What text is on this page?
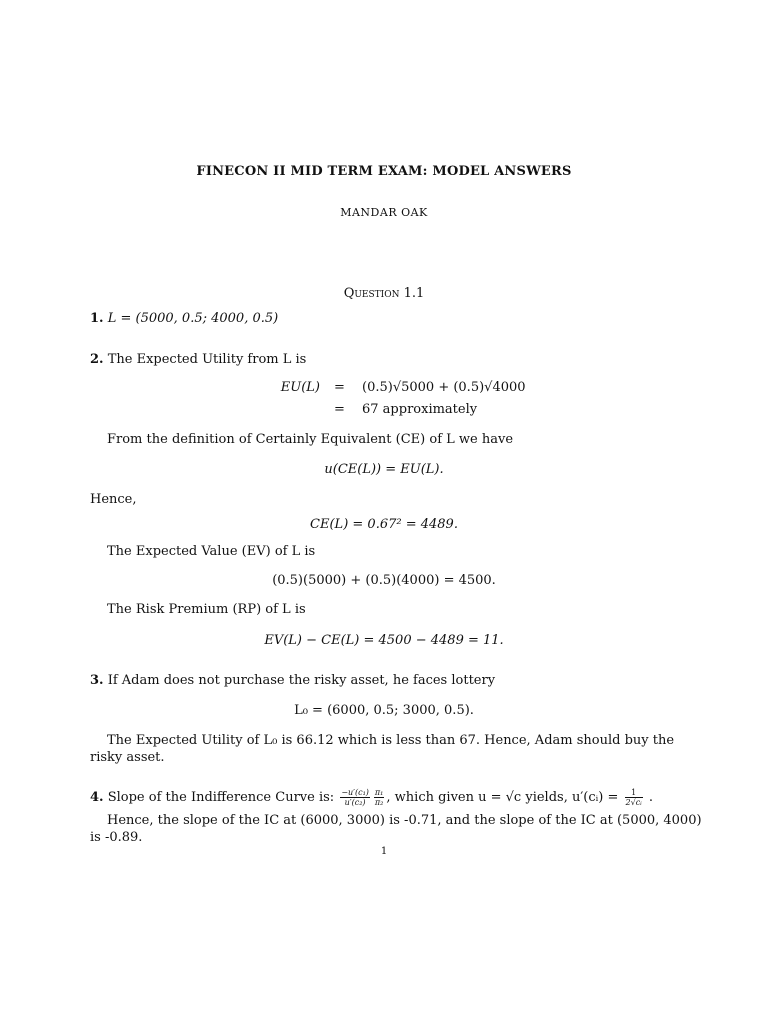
FINECON II MID TERM EXAM: MODEL ANSWERS
MANDAR OAK
Question 1.1
1. L = (5000, 0.5; 4000, 0.5)
2. The Expected Utility from L is
EU(L) = (0.5)√5000 + (0.5)√4000
= 67 approximately
From the definition of Certainly Equivalent (CE) of L we have
u(CE(L)) = EU(L).
Hence,
CE(L) = 0.67² = 4489.
The Expected Value (EV) of L is
(0.5)(5000) + (0.5)(4000) = 4500.
The Risk Premium (RP) of L is
EV(L) − CE(L) = 4500 − 4489 = 11.
3. If Adam does not purchase the risky asset, he faces lottery
L₀ = (6000, 0.5; 3000, 0.5).
The Expected Utility of L₀ is 66.12 which is less than 67. Hence, Adam should buy the
risky asset.
4. Slope of the Indifference Curve is: $\frac{\text{−u′(c₁)}}{\text{u′(c₂)}} \frac{\text{π₁}}{\text{π₂}}$ , which given u = √c yields, u′(cᵢ) = $\frac{1}{\text{2√cᵢ}}$ .
Hence, the slope of the IC at (6000, 3000) is -0.71, and the slope of the IC at (5000, 4000)
is -0.89.
1
